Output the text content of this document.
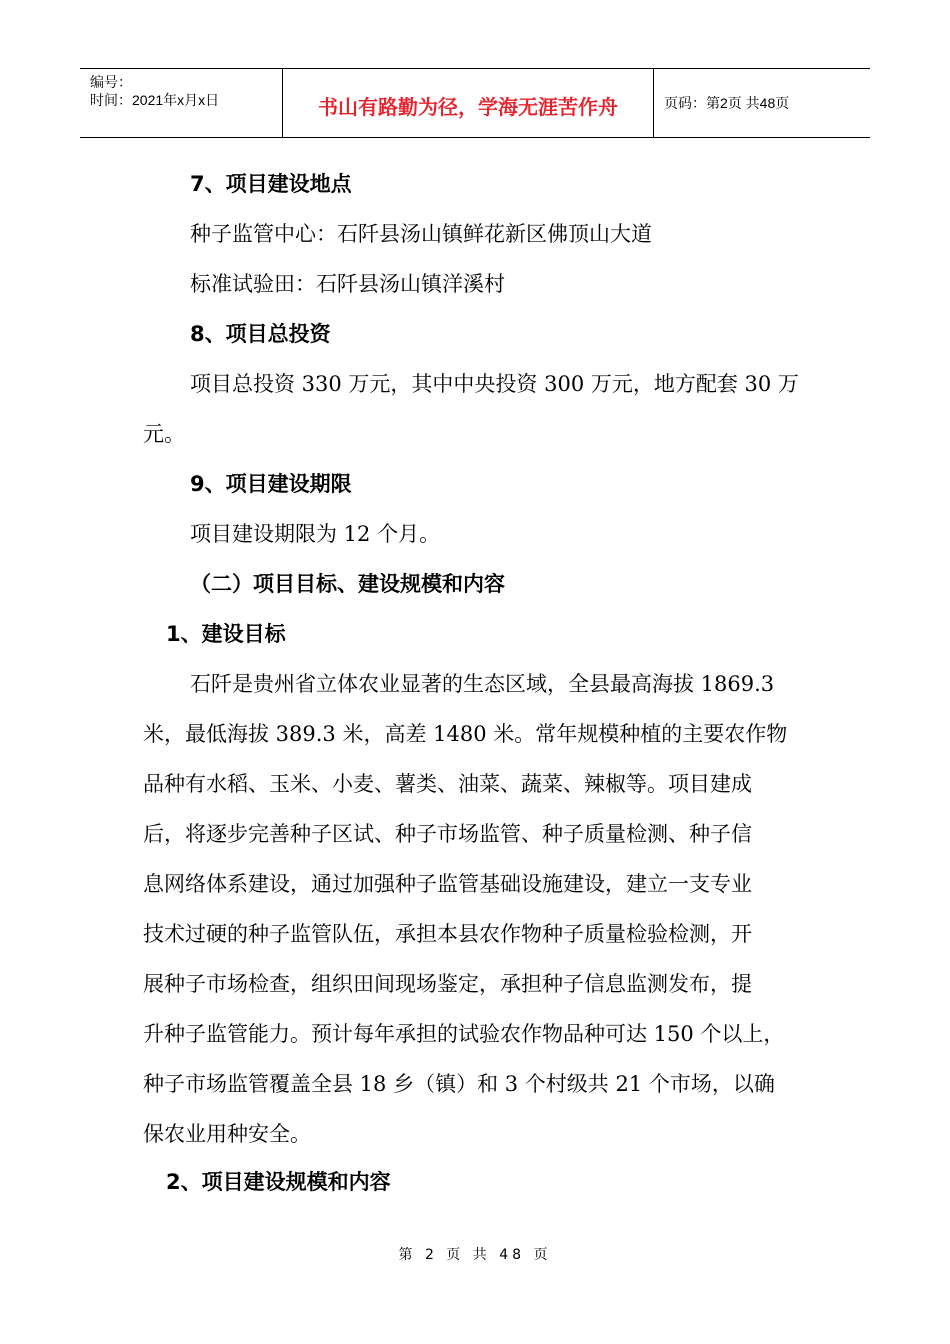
编号：
时间：2021年x月x日	书山有路勤为径，学海无涯苦作舟	页码：第2页 共48页
7、项目建设地点
种子监管中心：石阡县汤山镇鲜花新区佛顶山大道
标准试验田：石阡县汤山镇洋溪村
8、项目总投资
项目总投资 330 万元，其中中央投资 300 万元，地方配套 30 万
元。
9、项目建设期限
项目建设期限为 12 个月。
（二）项目目标、建设规模和内容
1、建设目标
石阡是贵州省立体农业显著的生态区域，全县最高海拔 1869.3
米，最低海拔 389.3 米，高差 1480 米。常年规模种植的主要农作物
品种有水稻、玉米、小麦、薯类、油菜、蔬菜、辣椒等。项目建成
后，将逐步完善种子区试、种子市场监管、种子质量检测、种子信
息网络体系建设，通过加强种子监管基础设施建设，建立一支专业
技术过硬的种子监管队伍，承担本县农作物种子质量检验检测，开
展种子市场检查，组织田间现场鉴定，承担种子信息监测发布，提
升种子监管能力。预计每年承担的试验农作物品种可达 150 个以上，
种子市场监管覆盖全县 18 乡（镇）和 3 个村级共 21 个市场，以确
保农业用种安全。
2、项目建设规模和内容
第 2 页 共 48 页
